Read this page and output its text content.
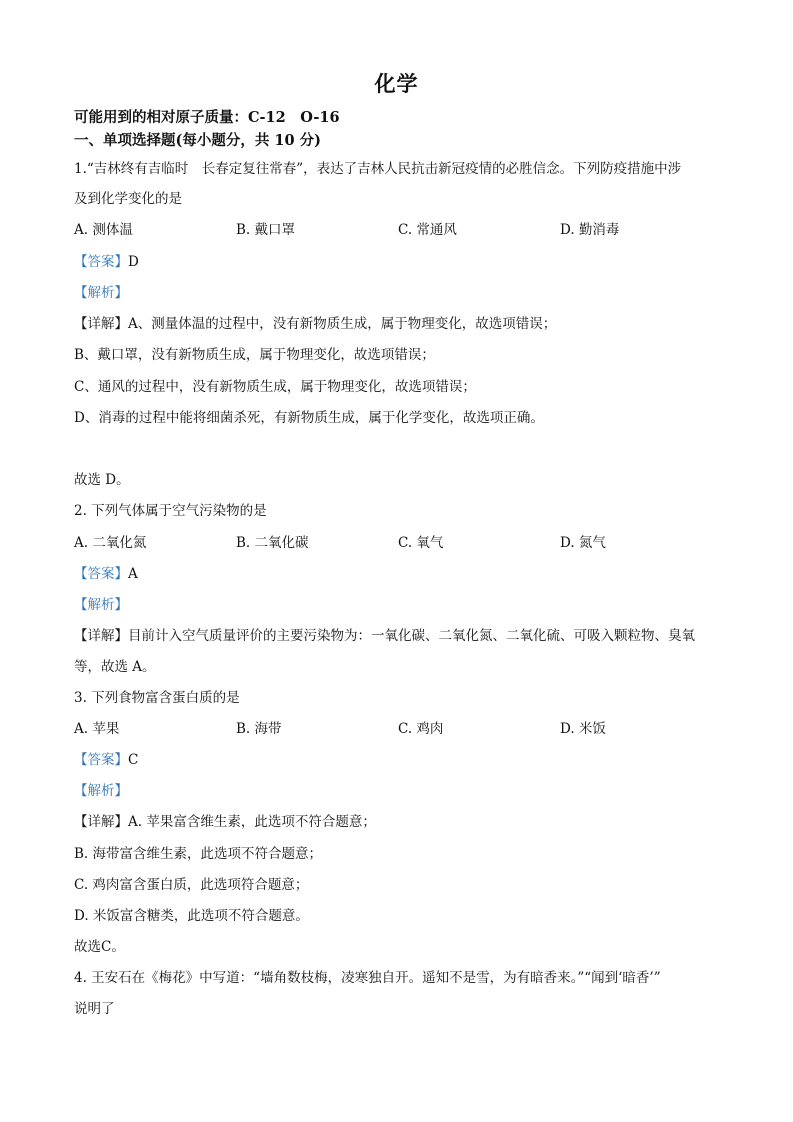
化学
可能用到的相对原子质量：C-12　O-16
一、单项选择题(每小题分，共 10 分)
1.“吉林终有吉临时　长春定复往常春”，表达了吉林人民抗击新冠疫情的必胜信念。下列防疫措施中涉
及到化学变化的是
A. 测体温	B. 戴口罩	C. 常通风	D. 勤消毒
【答案】D
【解析】
【详解】A、测量体温的过程中，没有新物质生成，属于物理变化，故选项错误；
B、戴口罩，没有新物质生成，属于物理变化，故选项错误；
C、通风的过程中，没有新物质生成，属于物理变化，故选项错误；
D、消毒的过程中能将细菌杀死，有新物质生成，属于化学变化，故选项正确。
故选 D。
2. 下列气体属于空气污染物的是
A. 二氧化氮	B. 二氧化碳	C. 氧气	D. 氮气
【答案】A
【解析】
【详解】目前计入空气质量评价的主要污染物为：一氧化碳、二氧化氮、二氧化硫、可吸入颗粒物、臭氧
等，故选 A。
3. 下列食物富含蛋白质的是
A. 苹果	B. 海带	C. 鸡肉	D. 米饭
【答案】C
【解析】
【详解】A. 苹果富含维生素，此选项不符合题意；
B. 海带富含维生素，此选项不符合题意；
C. 鸡肉富含蛋白质，此选项符合题意；
D. 米饭富含糖类，此选项不符合题意。
故选C。
4. 王安石在《梅花》中写道：“墙角数枝梅，凌寒独自开。遥知不是雪，为有暗香来。”“闻到‘暗香’”
说明了
